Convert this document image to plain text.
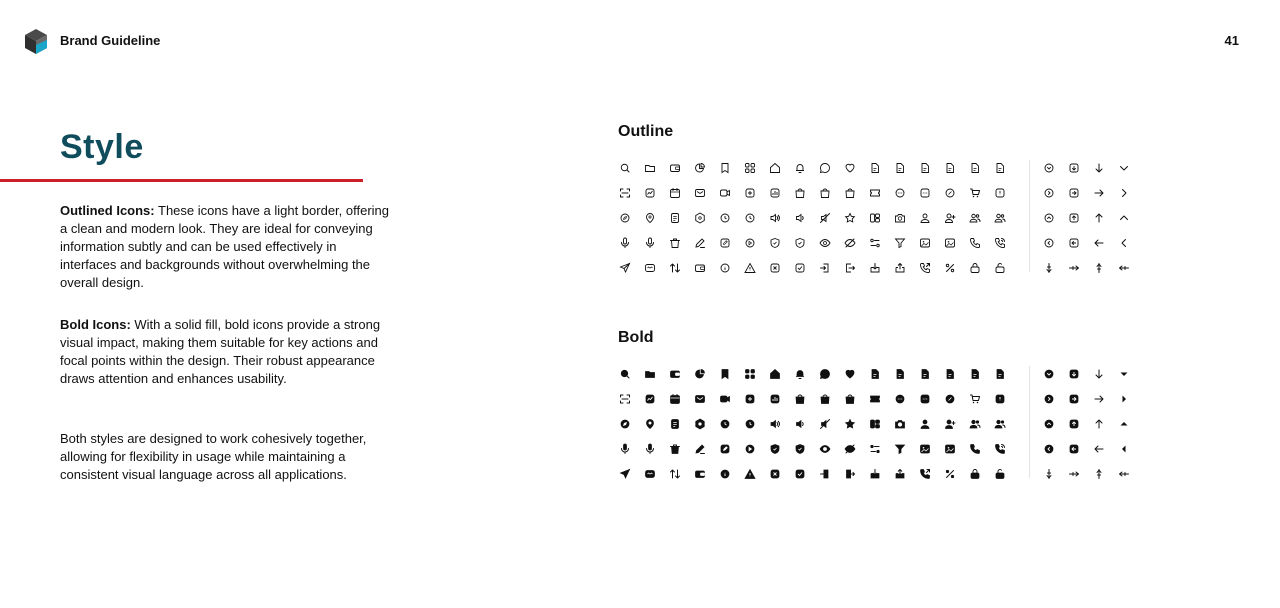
Brand Guideline	41
Style

Outlined Icons: These icons have a light border, offering a clean and modern look. They are ideal for conveying information subtly and can be used effectively in interfaces and backgrounds without overwhelming the overall design.

Bold Icons: With a solid fill, bold icons provide a strong visual impact, making them suitable for key actions and focal points within the design. Their robust appearance draws attention and enhances usability.

Both styles are designed to work cohesively together, allowing for flexibility in usage while maintaining a consistent visual language across all applications.

Outline
Bold
